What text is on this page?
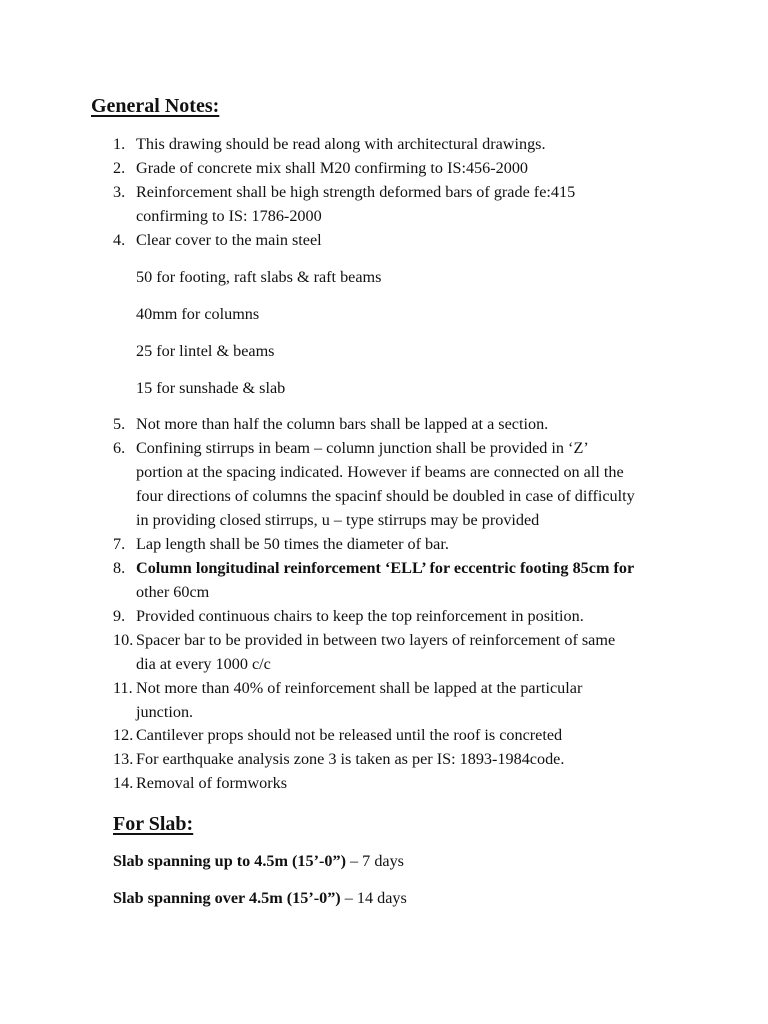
General Notes:
1. This drawing should be read along with architectural drawings.
2. Grade of concrete mix shall M20 confirming to IS:456-2000
3. Reinforcement shall be high strength deformed bars of grade fe:415
confirming to IS: 1786-2000
4. Clear cover to the main steel
50 for footing, raft slabs & raft beams
40mm for columns
25 for lintel & beams
15 for sunshade & slab
5. Not more than half the column bars shall be lapped at a section.
6. Confining stirrups in beam – column junction shall be provided in ‘Z’
portion at the spacing indicated. However if beams are connected on all the
four directions of columns the spacinf should be doubled in case of difficulty
in providing closed stirrups, u – type stirrups may be provided
7. Lap length shall be 50 times the diameter of bar.
8. Column longitudinal reinforcement ‘ELL’ for eccentric footing 85cm for
other 60cm
9. Provided continuous chairs to keep the top reinforcement in position.
10. Spacer bar to be provided in between two layers of reinforcement of same
dia at every 1000 c/c
11. Not more than 40% of reinforcement shall be lapped at the particular
junction.
12. Cantilever props should not be released until the roof is concreted
13. For earthquake analysis zone 3 is taken as per IS: 1893-1984code.
14. Removal of formworks
For Slab:
Slab spanning up to 4.5m (15’-0”) – 7 days
Slab spanning over 4.5m (15’-0”) – 14 days
